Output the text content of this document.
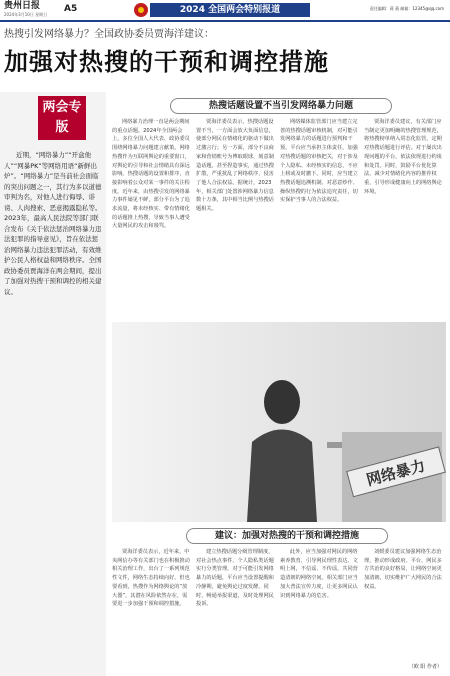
贵州日报
2024年3月10日 星期日
A5	2024 全国两会特别报道	责任编辑：蒋 燕 邮箱：12345@qq.com
热搜引发网络暴力？全国政协委员贾海洋建议：
加强对热搜的干预和调控措施
两会专版
近期，“网络暴力”“开盒他人”“网暴PK”等网络用语“新鲜出炉”。“网络暴力”是当前社会面临的突出问题之一，其行为多以道德审判为名，对他人进行侮辱、诽谤、人肉搜索、恶意揭露隐私等。2023年，最高人民法院等部门联合发布《关于依法惩治网络暴力违法犯罪的指导意见》，旨在依法惩治网络暴力违法犯罪活动，有效维护公民人格权益和网络秩序。全国政协委员贾海洋在两会期间，提出了加强对热搜干预和调控的相关建议。
热搜话题设置不当引发网络暴力问题
网络暴力治理一直是两会期间的重点话题。2024年全国两会上，多位全国人大代表、政协委员围绕网络暴力问题建言献策。网络热搜作为互联网舆论的重要窗口，对舆论的引导和社会情绪具有深远影响。热搜话题的设置和排序，直接影响着公众对某一事件的关注程度。近年来，由热搜引发的网络暴力事件屡见不鲜，部分平台为了追求流量，将未经核实、带有情绪化的话题推上热搜，导致当事人遭受大量网民的攻击和谩骂。
贾海洋委员表示，热搜话题设置不当，一方面会放大负面信息，使部分网民在情绪化的驱动下做出过激言行；另一方面，部分不良商家和营销账号为博取眼球，刻意制造话题，甚至捏造事实，通过热搜扩散，严重扰乱了网络秩序，侵害了他人合法权益。据统计，2023年，相关部门处置涉网络暴力信息数十万条，其中相当比例与热搜话题相关。
网络媒体监管部门应当建立完善的热搜话题审核机制，对可能引发网络暴力的话题进行预判和干预。平台应当承担主体责任，加强对热搜话题的审核把关，对于涉及个人隐私、未经核实的信息，不应上榜或及时撤下。同时，应当建立热搜话题追溯机制，对恶意炒作、操纵热搜的行为依法追究责任，切实保护当事人的合法权益。
贾海洋委员建议，有关部门应当制定更加明确的热搜管理规范，将热搜榜单纳入常态化监管，定期对热搜话题进行评估。对于屡次出现问题的平台，依法依规进行约谈和处罚。同时，鼓励平台优化算法，减少对情绪化内容的推荐权重，引导形成健康向上的网络舆论环境。
网络暴力
建议：加强对热搜的干预和调控措施
贾海洋委员表示，近年来，中央网信办等有关部门也在积极推动相关治理工作，出台了一系列规范性文件，网络生态持续向好。但也要看到，热搜作为网络舆论的“放大器”，其潜在风险依然存在，需要进一步加强干预和调控措施。
建立热搜话题分级管理制度，对社会热点事件、个人隐私类话题实行分类管理，对于可能引发网络暴力的话题，平台应当设置提醒和冷静期，避免舆论过度发酵。同时，畅通举报渠道，及时处理网民投诉。
此外，应当加强对网民的网络素养教育，引导网民理性表达、文明上网，不信谣、不传谣，共同营造清朗的网络空间。相关部门应当加大普法宣传力度，让更多网民认识到网络暴力的危害。
刘媛委员建议加强网络生态治理，推动形成政府、平台、网民多方共治的良好格局，让网络空间更加清朗，切实维护广大网民的合法权益。
（欧 阳 作者）
